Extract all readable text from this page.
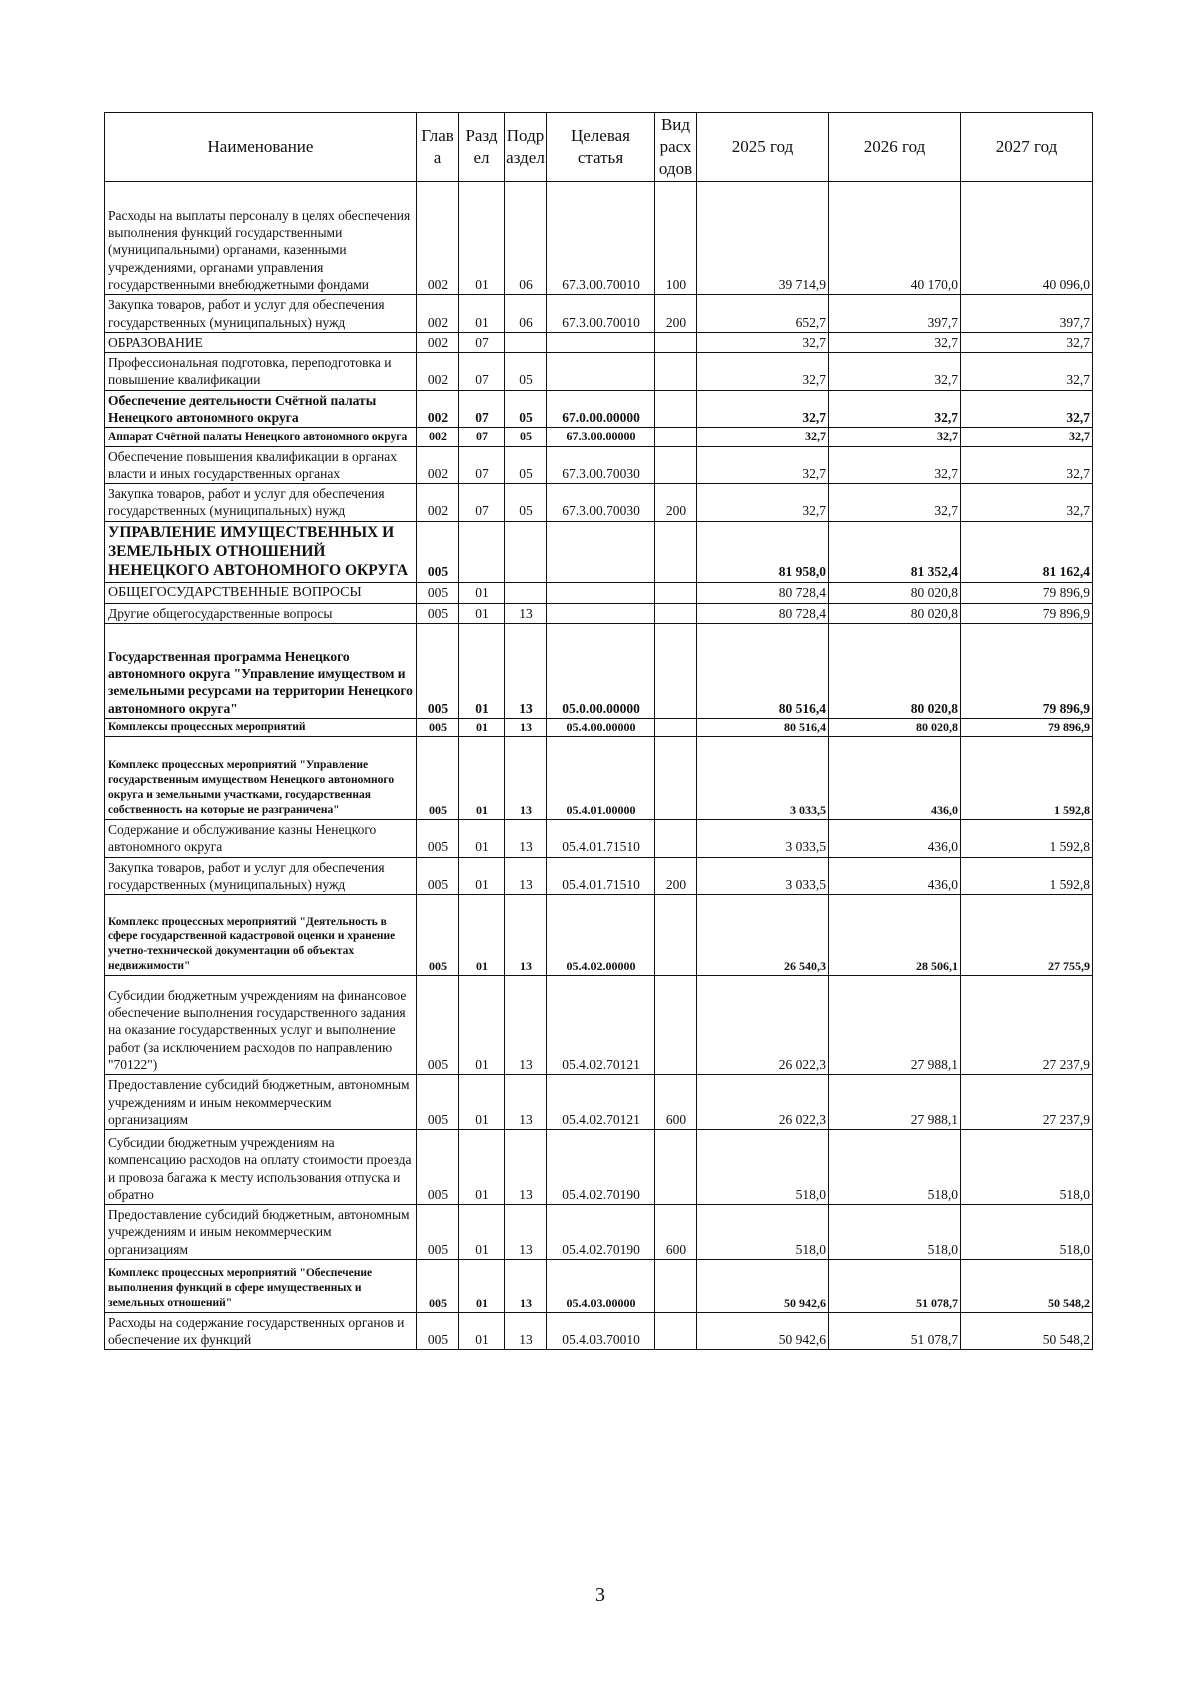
Наименование	Глав а	Разд ел	Подр аздел	Целевая статья	Вид расх одов	2025 год	2026 год	2027 год
Расходы на выплаты персоналу в целях обеспечения выполнения функций государственными (муниципальными) органами, казенными учреждениями, органами управления государственными внебюджетными фондами	002	01	06	67.3.00.70010	100	39 714,9	40 170,0	40 096,0
Закупка товаров, работ и услуг для обеспечения государственных (муниципальных) нужд	002	01	06	67.3.00.70010	200	652,7	397,7	397,7
ОБРАЗОВАНИЕ	002	07				32,7	32,7	32,7
Профессиональная подготовка, переподготовка и повышение квалификации	002	07	05			32,7	32,7	32,7
Обеспечение деятельности Счётной палаты Ненецкого автономного округа	002	07	05	67.0.00.00000		32,7	32,7	32,7
Аппарат Счётной палаты Ненецкого автономного округа	002	07	05	67.3.00.00000		32,7	32,7	32,7
Обеспечение повышения квалификации в органах власти и иных государственных органах	002	07	05	67.3.00.70030		32,7	32,7	32,7
Закупка товаров, работ и услуг для обеспечения государственных (муниципальных) нужд	002	07	05	67.3.00.70030	200	32,7	32,7	32,7
УПРАВЛЕНИЕ ИМУЩЕСТВЕННЫХ И ЗЕМЕЛЬНЫХ ОТНОШЕНИЙ НЕНЕЦКОГО АВТОНОМНОГО ОКРУГА	005					81 958,0	81 352,4	81 162,4
ОБЩЕГОСУДАРСТВЕННЫЕ ВОПРОСЫ	005	01				80 728,4	80 020,8	79 896,9
Другие общегосударственные вопросы	005	01	13			80 728,4	80 020,8	79 896,9
Государственная программа Ненецкого автономного округа "Управление имуществом и земельными ресурсами на территории Ненецкого автономного округа"	005	01	13	05.0.00.00000		80 516,4	80 020,8	79 896,9
Комплексы процессных мероприятий	005	01	13	05.4.00.00000		80 516,4	80 020,8	79 896,9
Комплекс процессных мероприятий "Управление государственным имуществом Ненецкого автономного округа и земельными участками, государственная собственность на которые не разграничена"	005	01	13	05.4.01.00000		3 033,5	436,0	1 592,8
Содержание и обслуживание казны Ненецкого автономного округа	005	01	13	05.4.01.71510		3 033,5	436,0	1 592,8
Закупка товаров, работ и услуг для обеспечения государственных (муниципальных) нужд	005	01	13	05.4.01.71510	200	3 033,5	436,0	1 592,8
Комплекс процессных мероприятий "Деятельность в сфере государственной кадастровой оценки и хранение учетно-технической документации об объектах недвижимости"	005	01	13	05.4.02.00000		26 540,3	28 506,1	27 755,9
Субсидии бюджетным учреждениям на финансовое обеспечение выполнения государственного задания на оказание государственных услуг и выполнение работ (за исключением расходов по направлению "70122")	005	01	13	05.4.02.70121		26 022,3	27 988,1	27 237,9
Предоставление субсидий бюджетным, автономным учреждениям и иным некоммерческим организациям	005	01	13	05.4.02.70121	600	26 022,3	27 988,1	27 237,9
Субсидии бюджетным учреждениям на компенсацию расходов на оплату стоимости проезда и провоза багажа к месту использования отпуска и обратно	005	01	13	05.4.02.70190		518,0	518,0	518,0
Предоставление субсидий бюджетным, автономным учреждениям и иным некоммерческим организациям	005	01	13	05.4.02.70190	600	518,0	518,0	518,0
Комплекс процессных мероприятий "Обеспечение выполнения функций в сфере имущественных и земельных отношений"	005	01	13	05.4.03.00000		50 942,6	51 078,7	50 548,2
Расходы на содержание государственных органов и обеспечение их функций	005	01	13	05.4.03.70010		50 942,6	51 078,7	50 548,2
3
